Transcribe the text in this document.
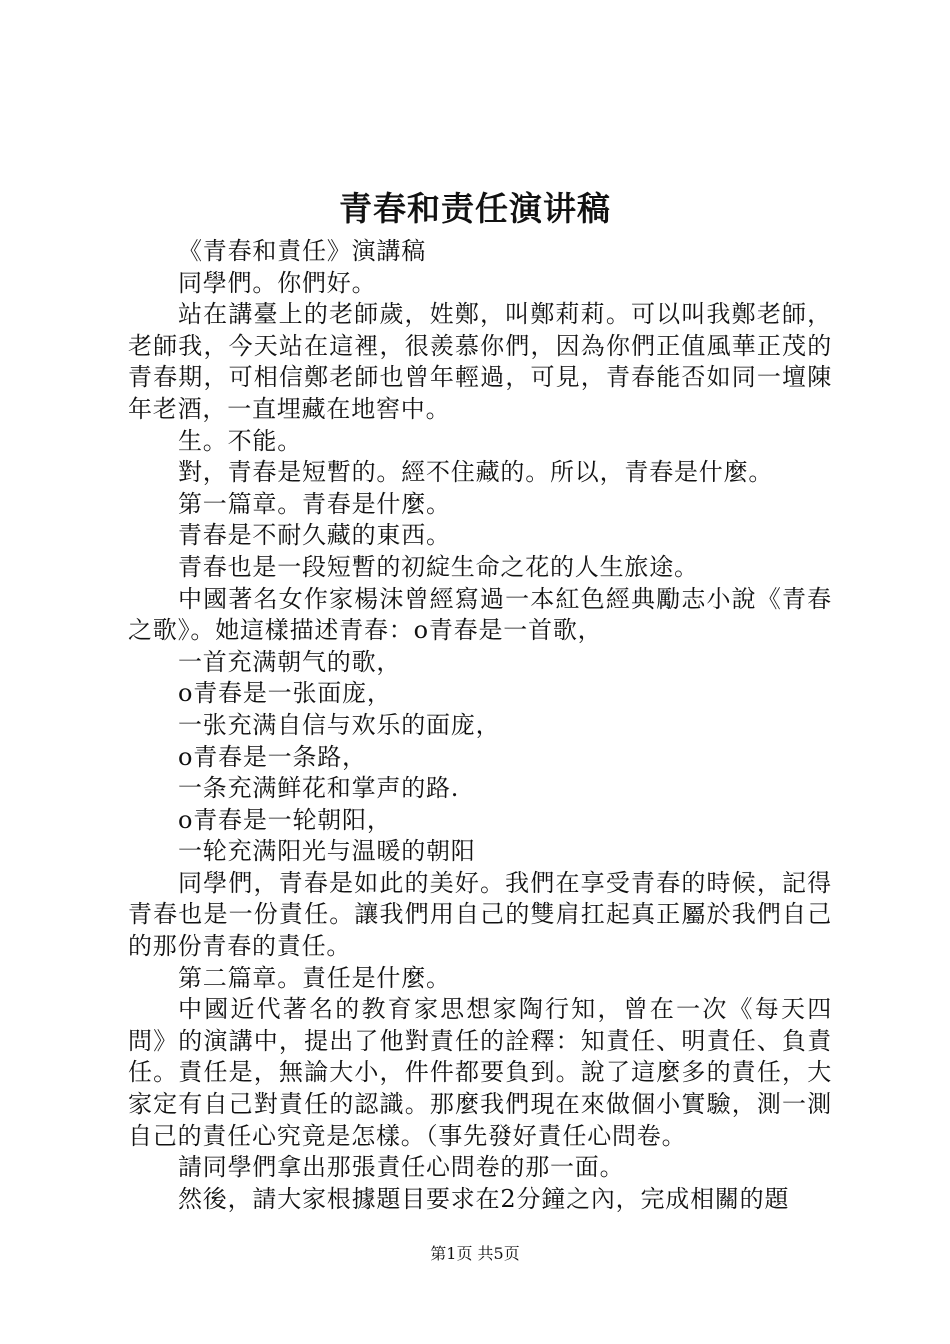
青春和责任演讲稿

《青春和責任》演講稿

同學們。你們好。

站在講臺上的老師歲，姓鄭，叫鄭莉莉。可以叫我鄭老師，老師我，今天站在這裡，很羨慕你們，因為你們正值風華正茂的青春期，可相信鄭老師也曾年輕過，可見，青春能否如同一壇陳年老酒，一直埋藏在地窖中。

生。不能。

對，青春是短暫的。經不住藏的。所以，青春是什麼。

第一篇章。青春是什麼。

青春是不耐久藏的東西。

青春也是一段短暫的初綻生命之花的人生旅途。

中國著名女作家楊沫曾經寫過一本紅色經典勵志小說《青春之歌》。她這樣描述青春：o青春是一首歌，

一首充满朝气的歌，

o青春是一张面庞，

一张充满自信与欢乐的面庞，

o青春是一条路，

一条充满鲜花和掌声的路.

o青春是一轮朝阳，

一轮充满阳光与温暖的朝阳

同學們，青春是如此的美好。我們在享受青春的時候，記得青春也是一份責任。讓我們用自己的雙肩扛起真正屬於我們自己的那份青春的責任。

第二篇章。責任是什麼。

中國近代著名的教育家思想家陶行知，曾在一次《每天四問》的演講中，提出了他對責任的詮釋：知責任、明責任、負責任。責任是，無論大小，件件都要負到。說了這麼多的責任，大家定有自己對責任的認識。那麼我們現在來做個小實驗，測一測自己的責任心究竟是怎樣。（事先發好責任心問卷。

請同學們拿出那張責任心問卷的那一面。

然後，請大家根據題目要求在2分鐘之內，完成相關的題

第1页 共5页
